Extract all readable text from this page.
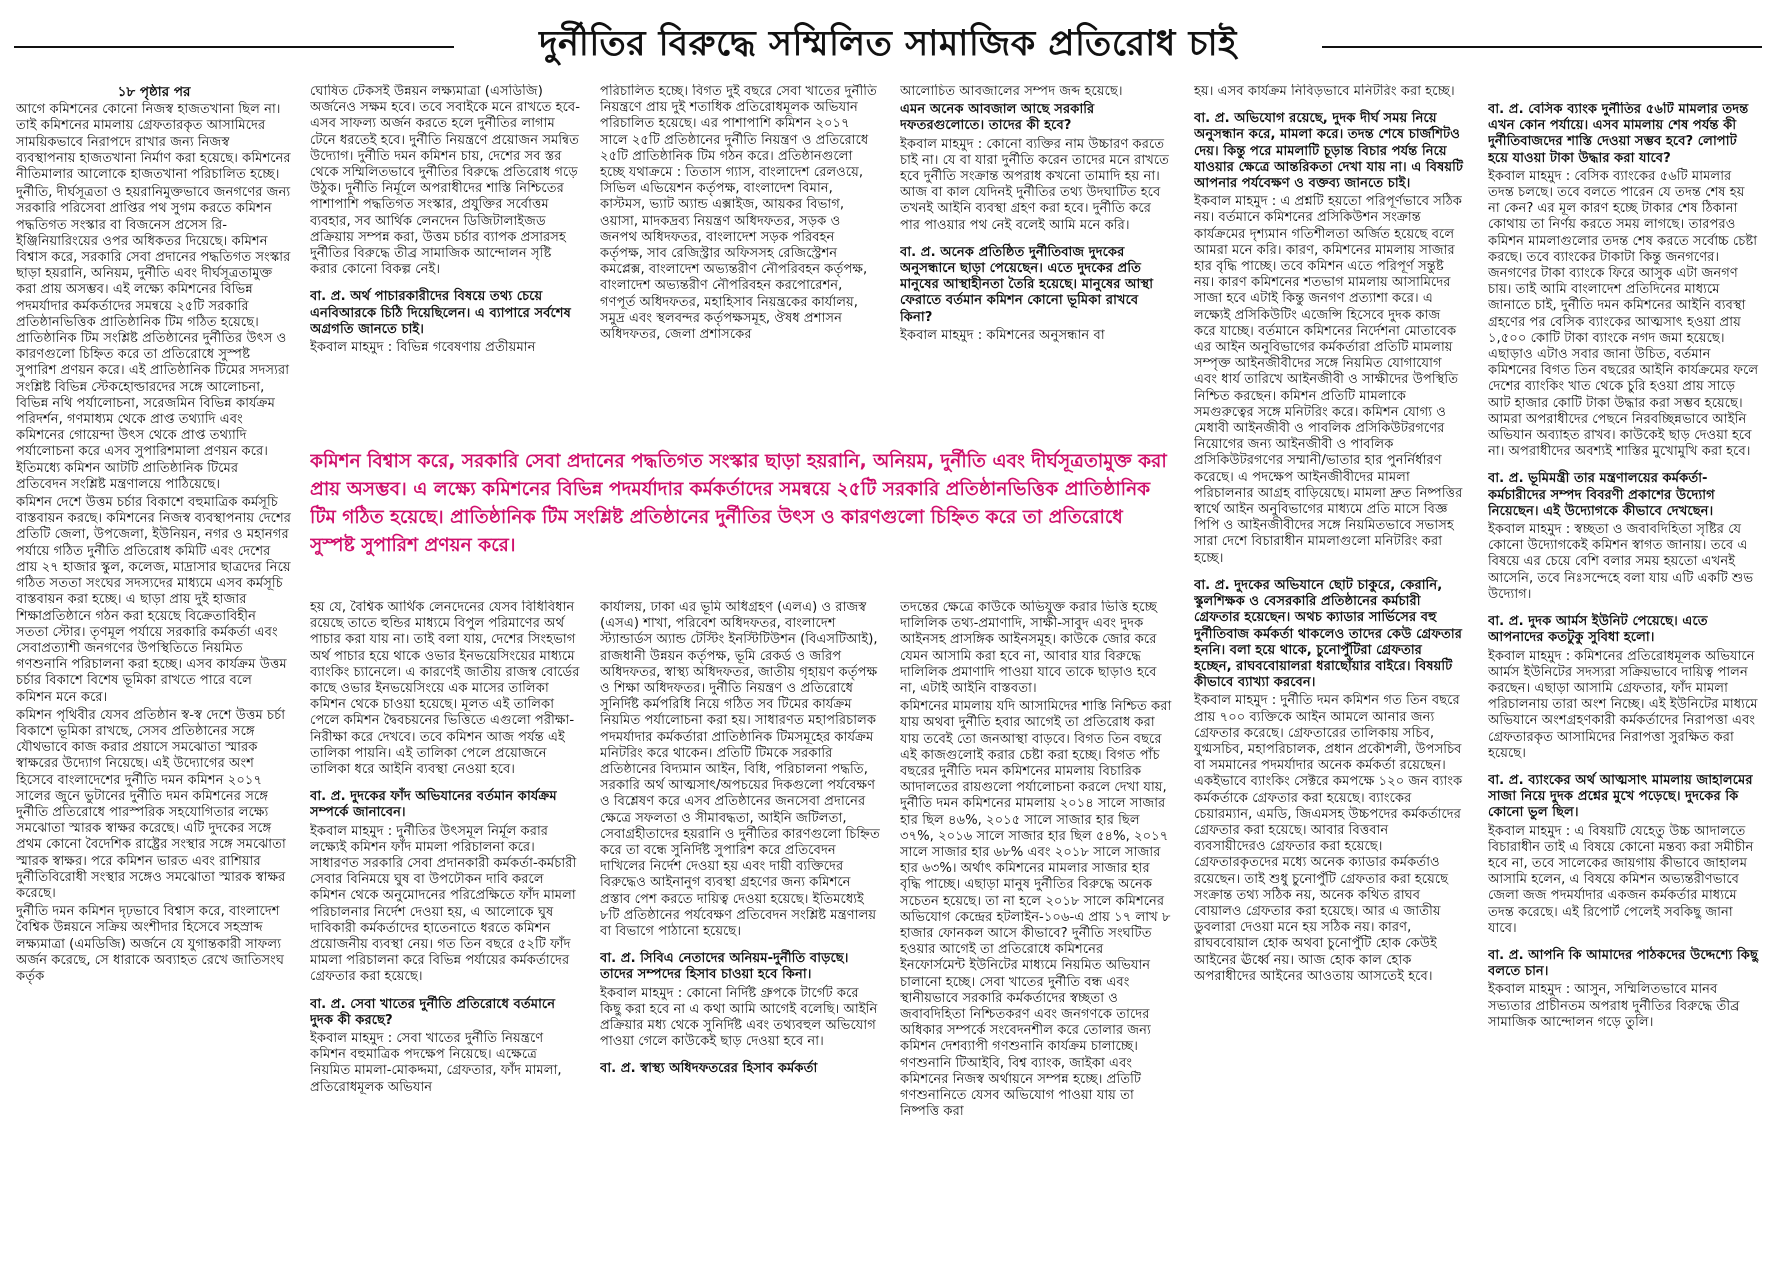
দুর্নীতির বিরুদ্ধে সম্মিলিত সামাজিক প্রতিরোধ চাই

১৮ পৃষ্ঠার পর

আগে কমিশনের কোনো নিজস্ব হাজতখানা ছিল না। তাই কমিশনের মামলায় গ্রেফতারকৃত আসামিদের সাময়িকভাবে নিরাপদে রাখার জন্য নিজস্ব ব্যবস্থাপনায় হাজতখানা নির্মাণ করা হয়েছে। কমিশনের নীতিমালার আলোকে হাজতখানা পরিচালিত হচ্ছে।

দুর্নীতি, দীর্ঘসূত্রতা ও হয়রানিমুক্তভাবে জনগণের জন্য সরকারি পরিসেবা প্রাপ্তির পথ সুগম করতে কমিশন পদ্ধতিগত সংস্কার বা বিজনেস প্রসেস রি-ইঞ্জিনিয়ারিংয়ের ওপর অধিকতর দিয়েছে। কমিশন বিশ্বাস করে, সরকারি সেবা প্রদানের পদ্ধতিগত সংস্কার ছাড়া হয়রানি, অনিয়ম, দুর্নীতি এবং দীর্ঘসূত্রতামুক্ত করা প্রায় অসম্ভব। এই লক্ষ্যে কমিশনের বিভিন্ন পদমর্যাদার কর্মকর্তাদের সমন্বয়ে ২৫টি সরকারি প্রতিষ্ঠানভিত্তিক প্রাতিষ্ঠানিক টিম গঠিত হয়েছে। প্রাতিষ্ঠানিক টিম সংশ্লিষ্ট প্রতিষ্ঠানের দুর্নীতির উৎস ও কারণগুলো চিহ্নিত করে তা প্রতিরোধে সুস্পষ্ট সুপারিশ প্রণয়ন করে। এই প্রাতিষ্ঠানিক টিমের সদস্যরা সংশ্লিষ্ট বিভিন্ন স্টেকহোল্ডারদের সঙ্গে আলোচনা, বিভিন্ন নথি পর্যালোচনা, সরেজমিন বিভিন্ন কার্যক্রম পরিদর্শন, গণমাধ্যম থেকে প্রাপ্ত তথ্যাদি এবং কমিশনের গোয়েন্দা উৎস থেকে প্রাপ্ত তথ্যাদি পর্যালোচনা করে এসব সুপারিশমালা প্রণয়ন করে। ইতিমধ্যে কমিশন আটটি প্রাতিষ্ঠানিক টিমের প্রতিবেদন সংশ্লিষ্ট মন্ত্রণালয়ে পাঠিয়েছে।

কমিশন দেশে উত্তম চর্চার বিকাশে বহুমাত্রিক কর্মসূচি বাস্তবায়ন করছে। কমিশনের নিজস্ব ব্যবস্থাপনায় দেশের প্রতিটি জেলা, উপজেলা, ইউনিয়ন, নগর ও মহানগর পর্যায়ে গঠিত দুর্নীতি প্রতিরোধ কমিটি এবং দেশের প্রায় ২৭ হাজার স্কুল, কলেজ, মাদ্রাসার ছাত্রদের নিয়ে গঠিত সততা সংঘের সদস্যদের মাধ্যমে এসব কর্মসূচি বাস্তবায়ন করা হচ্ছে। এ ছাড়া প্রায় দুই হাজার শিক্ষাপ্রতিষ্ঠানে গঠন করা হয়েছে বিক্রেতাবিহীন সততা স্টোর। তৃণমূল পর্যায়ে সরকারি কর্মকর্তা এবং সেবাপ্রত্যাশী জনগণের উপস্থিতিতে নিয়মিত গণশুনানি পরিচালনা করা হচ্ছে। এসব কার্যক্রম উত্তম চর্চার বিকাশে বিশেষ ভূমিকা রাখতে পারে বলে কমিশন মনে করে।

কমিশন পৃথিবীর যেসব প্রতিষ্ঠান স্ব-স্ব দেশে উত্তম চর্চা বিকাশে ভূমিকা রাখছে, সেসব প্রতিষ্ঠানের সঙ্গে যৌথভাবে কাজ করার প্রয়াসে সমঝোতা স্মারক স্বাক্ষরের উদ্যোগ নিয়েছে। এই উদ্যোগের অংশ হিসেবে বাংলাদেশের দুর্নীতি দমন কমিশন ২০১৭ সালের জুনে ভুটানের দুর্নীতি দমন কমিশনের সঙ্গে দুর্নীতি প্রতিরোধে পারস্পরিক সহযোগিতার লক্ষ্যে সমঝোতা স্মারক স্বাক্ষর করেছে। এটি দুদকের সঙ্গে প্রথম কোনো বৈদেশিক রাষ্ট্রের সংস্থার সঙ্গে সমঝোতা স্মারক স্বাক্ষর। পরে কমিশন ভারত এবং রাশিয়ার দুর্নীতিবিরোধী সংস্থার সঙ্গেও সমঝোতা স্মারক স্বাক্ষর করেছে।

দুর্নীতি দমন কমিশন দৃঢ়ভাবে বিশ্বাস করে, বাংলাদেশ বৈশ্বিক উন্নয়নে সক্রিয় অংশীদার হিসেবে সহস্রাব্দ লক্ষ্যমাত্রা (এমডিজি) অর্জনে যে যুগান্তকারী সাফল্য অর্জন করেছে, সে ধারাকে অব্যাহত রেখে জাতিসংঘ কর্তৃক

ঘোষিত টেকসই উন্নয়ন লক্ষ্যমাত্রা (এসডিজি) অর্জনেও সক্ষম হবে। তবে সবাইকে মনে রাখতে হবে-এসব সাফল্য অর্জন করতে হলে দুর্নীতির লাগাম টেনে ধরতেই হবে। দুর্নীতি নিয়ন্ত্রণে প্রয়োজন সমন্বিত উদ্যোগ। দুর্নীতি দমন কমিশন চায়, দেশের সব স্তর থেকে সম্মিলিতভাবে দুর্নীতির বিরুদ্ধে প্রতিরোধ গড়ে উঠুক। দুর্নীতি নির্মূলে অপরাধীদের শাস্তি নিশ্চিতের পাশাপাশি পদ্ধতিগত সংস্কার, প্রযুক্তির সর্বোত্তম ব্যবহার, সব আর্থিক লেনদেন ডিজিটালাইজড প্রক্রিয়ায় সম্পন্ন করা, উত্তম চর্চার ব্যাপক প্রসারসহ দুর্নীতির বিরুদ্ধে তীব্র সামাজিক আন্দোলন সৃষ্টি করার কোনো বিকল্প নেই।

বা. প্র. অর্থ পাচারকারীদের বিষয়ে তথ্য চেয়ে এনবিআরকে চিঠি দিয়েছিলেন। এ ব্যাপারে সর্বশেষ অগ্রগতি জানতে চাই।

ইকবাল মাহমুদ : বিভিন্ন গবেষণায় প্রতীয়মান

পরিচালিত হচ্ছে। বিগত দুই বছরে সেবা খাতের দুর্নীতি নিয়ন্ত্রণে প্রায় দুই শতাধিক প্রতিরোধমূলক অভিযান পরিচালিত হয়েছে। এর পাশাপাশি কমিশন ২০১৭ সালে ২৫টি প্রতিষ্ঠানের দুর্নীতি নিয়ন্ত্রণ ও প্রতিরোধে ২৫টি প্রাতিষ্ঠানিক টিম গঠন করে। প্রতিষ্ঠানগুলো হচ্ছে যথাক্রমে : তিতাস গ্যাস, বাংলাদেশ রেলওয়ে, সিভিল এভিয়েশন কর্তৃপক্ষ, বাংলাদেশ বিমান, কাস্টমস, ভ্যাট অ্যান্ড এক্সাইজ, আয়কর বিভাগ, ওয়াসা, মাদকদ্রব্য নিয়ন্ত্রণ অধিদফতর, সড়ক ও জনপথ অধিদফতর, বাংলাদেশ সড়ক পরিবহন কর্তৃপক্ষ, সাব রেজিস্ট্রার অফিসসহ রেজিস্ট্রেশন কমপ্লেক্স, বাংলাদেশ অভ্যন্তরীণ নৌপরিবহন কর্তৃপক্ষ, বাংলাদেশ অভ্যন্তরীণ নৌপরিবহন করপোরেশন, গণপূর্ত অধিদফতর, মহাহিসাব নিয়ন্ত্রকের কার্যালয়, সমুদ্র এবং স্থলবন্দর কর্তৃপক্ষসমূহ, ঔষধ প্রশাসন অধিদফতর, জেলা প্রশাসকের

আলোচিত আবজালের সম্পদ জব্দ হয়েছে।

এমন অনেক আবজাল আছে সরকারি দফতরগুলোতে। তাদের কী হবে?

ইকবাল মাহমুদ : কোনো ব্যক্তির নাম উচ্চারণ করতে চাই না। যে বা যারা দুর্নীতি করেন তাদের মনে রাখতে হবে দুর্নীতি সংক্রান্ত অপরাধ কখনো তামাদি হয় না। আজ বা কাল যেদিনই দুর্নীতির তথ্য উদঘাটিত হবে তখনই আইনি ব্যবস্থা গ্রহণ করা হবে। দুর্নীতি করে পার পাওয়ার পথ নেই বলেই আমি মনে করি।

বা. প্র. অনেক প্রতিষ্ঠিত দুর্নীতিবাজ দুদকের অনুসন্ধানে ছাড়া পেয়েছেন। এতে দুদকের প্রতি মানুষের আস্থাহীনতা তৈরি হয়েছে। মানুষের আস্থা ফেরাতে বর্তমান কমিশন কোনো ভূমিকা রাখবে কিনা?

ইকবাল মাহমুদ : কমিশনের অনুসন্ধান বা

হয়। এসব কার্যক্রম নিবিড়ভাবে মনিটরিং করা হচ্ছে।

বা. প্র. অভিযোগ রয়েছে, দুদক দীর্ঘ সময় নিয়ে অনুসন্ধান করে, মামলা করে। তদন্ত শেষে চার্জশিটও দেয়। কিন্তু পরে মামলাটি চূড়ান্ত বিচার পর্যন্ত নিয়ে যাওয়ার ক্ষেত্রে আন্তরিকতা দেখা যায় না। এ বিষয়টি আপনার পর্যবেক্ষণ ও বক্তব্য জানতে চাই।

ইকবাল মাহমুদ : এ প্রশ্নটি হয়তো পরিপূর্ণভাবে সঠিক নয়। বর্তমানে কমিশনের প্রসিকিউশন সংক্রান্ত কার্যক্রমের দৃশ্যমান গতিশীলতা অর্জিত হয়েছে বলে আমরা মনে করি। কারণ, কমিশনের মামলায় সাজার হার বৃদ্ধি পাচ্ছে। তবে কমিশন এতে পরিপূর্ণ সন্তুষ্ট নয়। কারণ কমিশনের শতভাগ মামলায় আসামিদের সাজা হবে এটাই কিন্তু জনগণ প্রত্যাশা করে। এ লক্ষ্যেই প্রসিকিউটিং এজেন্সি হিসেবে দুদক কাজ করে যাচ্ছে। বর্তমানে কমিশনের নির্দেশনা মোতাবেক এর আইন অনুবিভাগের কর্মকর্তারা প্রতিটি মামলায় সম্পৃক্ত আইনজীবীদের সঙ্গে নিয়মিত যোগাযোগ এবং ধার্য তারিখে আইনজীবী ও সাক্ষীদের উপস্থিতি নিশ্চিত করছেন। কমিশন প্রতিটি মামলাকে সমগুরুত্বের সঙ্গে মনিটরিং করে। কমিশন যোগ্য ও মেধাবী আইনজীবী ও পাবলিক প্রসিকিউটরগণের নিয়োগের জন্য আইনজীবী ও পাবলিক প্রসিকিউটরগণের সম্মানী/ভাতার হার পুনর্নির্ধারণ করেছে। এ পদক্ষেপ আইনজীবীদের মামলা পরিচালনার আগ্রহ বাড়িয়েছে। মামলা দ্রুত নিষ্পত্তির স্বার্থে আইন অনুবিভাগের মাধ্যমে প্রতি মাসে বিজ্ঞ পিপি ও আইনজীবীদের সঙ্গে নিয়মিতভাবে সভাসহ সারা দেশে বিচারাধীন মামলাগুলো মনিটরিং করা হচ্ছে।

বা. প্র. দুদকের অভিযানে ছোট চাকুরে, কেরানি, স্কুলশিক্ষক ও বেসরকারি প্রতিষ্ঠানের কর্মচারী গ্রেফতার হয়েছেন। অথচ ক্যাডার সার্ভিসের বহু দুর্নীতিবাজ কর্মকর্তা থাকলেও তাদের কেউ গ্রেফতার হননি। বলা হয়ে থাকে, চুনোপুঁটিরা গ্রেফতার হচ্ছেন, রাঘববোয়ালরা ধরাছোঁয়ার বাইরে। বিষয়টি কীভাবে ব্যাখ্যা করবেন।

ইকবাল মাহমুদ : দুর্নীতি দমন কমিশন গত তিন বছরে প্রায় ৭০০ ব্যক্তিকে আইন আমলে আনার জন্য গ্রেফতার করেছে। গ্রেফতারের তালিকায় সচিব, যুগ্মসচিব, মহাপরিচালক, প্রধান প্রকৌশলী, উপসচিব বা সমমানের পদমর্যাদার অনেক কর্মকর্তা রয়েছেন। একইভাবে ব্যাংকিং সেক্টরে কমপক্ষে ১২০ জন ব্যাংক কর্মকর্তাকে গ্রেফতার করা হয়েছে। ব্যাংকের চেয়ারম্যান, এমডি, জিএমসহ উচ্চপদের কর্মকর্তাদের গ্রেফতার করা হয়েছে। আবার বিত্তবান ব্যবসায়ীদেরও গ্রেফতার করা হয়েছে। গ্রেফতারকৃতদের মধ্যে অনেক ক্যাডার কর্মকর্তাও রয়েছেন। তাই শুধু চুনোপুঁটি গ্রেফতার করা হয়েছে সংক্রান্ত তথ্য সঠিক নয়, অনেক কথিত রাঘব বোয়ালও গ্রেফতার করা হয়েছে। আর এ জাতীয় ডুবলারা দেওয়া মনে হয় সঠিক নয়। কারণ, রাঘববোয়াল হোক অথবা চুনোপুঁটি হোক কেউই আইনের ঊর্ধ্বে নয়। আজ হোক কাল হোক অপরাধীদের আইনের আওতায় আসতেই হবে।

বা. প্র. বেসিক ব্যাংক দুর্নীতির ৫৬টি মামলার তদন্ত এখন কোন পর্যায়ে। এসব মামলায় শেষ পর্যন্ত কী দুর্নীতিবাজদের শাস্তি দেওয়া সম্ভব হবে? লোপাট হয়ে যাওয়া টাকা উদ্ধার করা যাবে?

ইকবাল মাহমুদ : বেসিক ব্যাংকের ৫৬টি মামলার তদন্ত চলছে। তবে বলতে পারেন যে তদন্ত শেষ হয় না কেন? এর মূল কারণ হচ্ছে টাকার শেষ ঠিকানা কোথায় তা নির্ণয় করতে সময় লাগছে। তারপরও কমিশন মামলাগুলোর তদন্ত শেষ করতে সর্বোচ্চ চেষ্টা করছে। তবে ব্যাংকের টাকাটা কিন্তু জনগণের। জনগণের টাকা ব্যাংকে ফিরে আসুক এটা জনগণ চায়। তাই আমি বাংলাদেশ প্রতিদিনের মাধ্যমে জানাতে চাই, দুর্নীতি দমন কমিশনের আইনি ব্যবস্থা গ্রহণের পর বেসিক ব্যাংকের আত্মসাৎ হওয়া প্রায় ১,৫০০ কোটি টাকা ব্যাংকে নগদ জমা হয়েছে। এছাড়াও এটাও সবার জানা উচিত, বর্তমান কমিশনের বিগত তিন বছরের আইনি কার্যক্রমের ফলে দেশের ব্যাংকিং খাত থেকে চুরি হওয়া প্রায় সাড়ে আট হাজার কোটি টাকা উদ্ধার করা সম্ভব হয়েছে। আমরা অপরাধীদের পেছনে নিরবচ্ছিন্নভাবে আইনি অভিযান অব্যাহত রাখব। কাউকেই ছাড় দেওয়া হবে না। অপরাধীদের অবশ্যই শাস্তির মুখোমুখি করা হবে।

বা. প্র. ভূমিমন্ত্রী তার মন্ত্রণালয়ের কর্মকর্তা-কর্মচারীদের সম্পদ বিবরণী প্রকাশের উদ্যোগ নিয়েছেন। এই উদ্যোগকে কীভাবে দেখছেন।

ইকবাল মাহমুদ : স্বচ্ছতা ও জবাবদিহিতা সৃষ্টির যে কোনো উদ্যোগকেই কমিশন স্বাগত জানায়। তবে এ বিষয়ে এর চেয়ে বেশি বলার সময় হয়তো এখনই আসেনি, তবে নিঃসন্দেহে বলা যায় এটি একটি শুভ উদ্যোগ।

বা. প্র. দুদক আর্মস ইউনিট পেয়েছে। এতে আপনাদের কতটুকু সুবিধা হলো।

ইকবাল মাহমুদ : কমিশনের প্রতিরোধমূলক অভিযানে আর্মস ইউনিটের সদস্যরা সক্রিয়ভাবে দায়িত্ব পালন করছেন। এছাড়া আসামি গ্রেফতার, ফাঁদ মামলা পরিচালনায় তারা অংশ নিচ্ছে। এই ইউনিটের মাধ্যমে অভিযানে অংশগ্রহণকারী কর্মকর্তাদের নিরাপত্তা এবং গ্রেফতারকৃত আসামিদের নিরাপত্তা সুরক্ষিত করা হয়েছে।

বা. প্র. ব্যাংকের অর্থ আত্মসাৎ মামলায় জাহালমের সাজা নিয়ে দুদক প্রশ্নের মুখে পড়েছে। দুদকের কি কোনো ভুল ছিল।

ইকবাল মাহমুদ : এ বিষয়টি যেহেতু উচ্চ আদালতে বিচারাধীন তাই এ বিষয়ে কোনো মন্তব্য করা সমীচীন হবে না, তবে সালেকের জায়গায় কীভাবে জাহালম আসামি হলেন, এ বিষয়ে কমিশন অভ্যন্তরীণভাবে জেলা জজ পদমর্যাদার একজন কর্মকর্তার মাধ্যমে তদন্ত করেছে। এই রিপোর্ট পেলেই সবকিছু জানা যাবে।

বা. প্র. আপনি কি আমাদের পাঠকদের উদ্দেশ্যে কিছু বলতে চান।

ইকবাল মাহমুদ : আসুন, সম্মিলিতভাবে মানব সভ্যতার প্রাচীনতম অপরাধ দুর্নীতির বিরুদ্ধে তীব্র সামাজিক আন্দোলন গড়ে তুলি।

কমিশন বিশ্বাস করে, সরকারি সেবা প্রদানের পদ্ধতিগত সংস্কার ছাড়া হয়রানি, অনিয়ম, দুর্নীতি এবং দীর্ঘসূত্রতামুক্ত করা প্রায় অসম্ভব। এ লক্ষ্যে কমিশনের বিভিন্ন পদমর্যাদার কর্মকর্তাদের সমন্বয়ে ২৫টি সরকারি প্রতিষ্ঠানভিত্তিক প্রাতিষ্ঠানিক টিম গঠিত হয়েছে। প্রাতিষ্ঠানিক টিম সংশ্লিষ্ট প্রতিষ্ঠানের দুর্নীতির উৎস ও কারণগুলো চিহ্নিত করে তা প্রতিরোধে সুস্পষ্ট সুপারিশ প্রণয়ন করে।

হয় যে, বৈশ্বিক আর্থিক লেনদেনের যেসব বিধিবিধান রয়েছে তাতে হুন্ডির মাধ্যমে বিপুল পরিমাণের অর্থ পাচার করা যায় না। তাই বলা যায়, দেশের সিংহভাগ অর্থ পাচার হয়ে থাকে ওভার ইনভয়েসিংয়ের মাধ্যমে ব্যাংকিং চ্যানেলে। এ কারণেই জাতীয় রাজস্ব বোর্ডের কাছে ওভার ইনভয়েসিংয়ে এক মাসের তালিকা কমিশন থেকে চাওয়া হয়েছে। মূলত এই তালিকা পেলে কমিশন দ্বৈবচয়নের ভিত্তিতে এগুলো পরীক্ষা-নিরীক্ষা করে দেখবে। তবে কমিশন আজ পর্যন্ত এই তালিকা পায়নি। এই তালিকা পেলে প্রয়োজনে তালিকা ধরে আইনি ব্যবস্থা নেওয়া হবে।

বা. প্র. দুদকের ফাঁদ অভিযানের বর্তমান কার্যক্রম সম্পর্কে জানাবেন।

ইকবাল মাহমুদ : দুর্নীতির উৎসমূল নির্মূল করার লক্ষ্যেই কমিশন ফাঁদ মামলা পরিচালনা করে। সাধারণত সরকারি সেবা প্রদানকারী কর্মকর্তা-কর্মচারী সেবার বিনিময়ে ঘুষ বা উপঢৌকন দাবি করলে কমিশন থেকে অনুমোদনের পরিপ্রেক্ষিতে ফাঁদ মামলা পরিচালনার নির্দেশ দেওয়া হয়, এ আলোকে ঘুষ দাবিকারী কর্মকর্তাদের হাতেনাতে ধরতে কমিশন প্রয়োজনীয় ব্যবস্থা নেয়। গত তিন বছরে ৫২টি ফাঁদ মামলা পরিচালনা করে বিভিন্ন পর্যায়ের কর্মকর্তাদের গ্রেফতার করা হয়েছে।

বা. প্র. সেবা খাতের দুর্নীতি প্রতিরোধে বর্তমানে দুদক কী করছে?

ইকবাল মাহমুদ : সেবা খাতের দুর্নীতি নিয়ন্ত্রণে কমিশন বহুমাত্রিক পদক্ষেপ নিয়েছে। এক্ষেত্রে নিয়মিত মামলা-মোকদ্দমা, গ্রেফতার, ফাঁদ মামলা, প্রতিরোধমূলক অভিযান

কার্যালয়, ঢাকা এর ভূমি অধিগ্রহণ (এলএ) ও রাজস্ব (এসএ) শাখা, পরিবেশ অধিদফতর, বাংলাদেশ স্ট্যান্ডার্ডস অ্যান্ড টেস্টিং ইনস্টিটিউশন (বিএসটিআই), রাজধানী উন্নয়ন কর্তৃপক্ষ, ভূমি রেকর্ড ও জরিপ অধিদফতর, স্বাস্থ্য অধিদফতর, জাতীয় গৃহায়ণ কর্তৃপক্ষ ও শিক্ষা অধিদফতর। দুর্নীতি নিয়ন্ত্রণ ও প্রতিরোধে সুনির্দিষ্ট কর্মপরিধি নিয়ে গঠিত সব টিমের কার্যক্রম নিয়মিত পর্যালোচনা করা হয়। সাধারণত মহাপরিচালক পদমর্যাদার কর্মকর্তারা প্রাতিষ্ঠানিক টিমসমূহের কার্যক্রম মনিটরিং করে থাকেন। প্রতিটি টিমকে সরকারি প্রতিষ্ঠানের বিদ্যমান আইন, বিধি, পরিচালনা পদ্ধতি, সরকারি অর্থ আত্মসাৎ/অপচয়ের দিকগুলো পর্যবেক্ষণ ও বিশ্লেষণ করে এসব প্রতিষ্ঠানের জনসেবা প্রদানের ক্ষেত্রে সফলতা ও সীমাবদ্ধতা, আইনি জটিলতা, সেবাগ্রহীতাদের হয়রানি ও দুর্নীতির কারণগুলো চিহ্নিত করে তা বন্ধে সুনির্দিষ্ট সুপারিশ করে প্রতিবেদন দাখিলের নির্দেশ দেওয়া হয় এবং দায়ী ব্যক্তিদের বিরুদ্ধেও আইনানুগ ব্যবস্থা গ্রহণের জন্য কমিশনে প্রস্তাব পেশ করতে দায়িত্ব দেওয়া হয়েছে। ইতিমধ্যেই ৮টি প্রতিষ্ঠানের পর্যবেক্ষণ প্রতিবেদন সংশ্লিষ্ট মন্ত্রণালয় বা বিভাগে পাঠানো হয়েছে।

বা. প্র. সিবিএ নেতাদের অনিয়ম-দুর্নীতি বাড়ছে। তাদের সম্পদের হিসাব চাওয়া হবে কিনা।

ইকবাল মাহমুদ : কোনো নির্দিষ্ট গ্রুপকে টার্গেট করে কিছু করা হবে না এ কথা আমি আগেই বলেছি। আইনি প্রক্রিয়ার মধ্য থেকে সুনির্দিষ্ট এবং তথ্যবহুল অভিযোগ পাওয়া গেলে কাউকেই ছাড় দেওয়া হবে না।

বা. প্র. স্বাস্থ্য অধিদফতরের হিসাব কর্মকর্তা

তদন্তের ক্ষেত্রে কাউকে অভিযুক্ত করার ভিত্তি হচ্ছে দালিলিক তথ্য-প্রমাণাদি, সাক্ষী-সাবুদ এবং দুদক আইনসহ প্রাসঙ্গিক আইনসমূহ। কাউকে জোর করে যেমন আসামি করা হবে না, আবার যার বিরুদ্ধে দালিলিক প্রমাণাদি পাওয়া যাবে তাকে ছাড়াও হবে না, এটাই আইনি বাস্তবতা।

কমিশনের মামলায় যদি আসামিদের শাস্তি নিশ্চিত করা যায় অথবা দুর্নীতি হবার আগেই তা প্রতিরোধ করা যায় তবেই তো জনআস্থা বাড়বে। বিগত তিন বছরে এই কাজগুলোই করার চেষ্টা করা হচ্ছে। বিগত পাঁচ বছরের দুর্নীতি দমন কমিশনের মামলায় বিচারিক আদালতের রায়গুলো পর্যালোচনা করলে দেখা যায়, দুর্নীতি দমন কমিশনের মামলায় ২০১৪ সালে সাজার হার ছিল ৪৬%, ২০১৫ সালে সাজার হার ছিল ৩৭%, ২০১৬ সালে সাজার হার ছিল ৫৪%, ২০১৭ সালে সাজার হার ৬৮% এবং ২০১৮ সালে সাজার হার ৬৩%। অর্থাৎ কমিশনের মামলার সাজার হার বৃদ্ধি পাচ্ছে। এছাড়া মানুষ দুর্নীতির বিরুদ্ধে অনেক সচেতন হয়েছে। তা না হলে ২০১৮ সালে কমিশনের অভিযোগ কেন্দ্রের হটলাইন-১০৬-এ প্রায় ১৭ লাখ ৮ হাজার ফোনকল আসে কীভাবে? দুর্নীতি সংঘটিত হওয়ার আগেই তা প্রতিরোধে কমিশনের ইনফোর্সমেন্ট ইউনিটের মাধ্যমে নিয়মিত অভিযান চালানো হচ্ছে। সেবা খাতের দুর্নীতি বন্ধ এবং স্থানীয়ভাবে সরকারি কর্মকর্তাদের স্বচ্ছতা ও জবাবদিহিতা নিশ্চিতকরণ এবং জনগণকে তাদের অধিকার সম্পর্কে সংবেদনশীল করে তোলার জন্য কমিশন দেশব্যাপী গণশুনানি কার্যক্রম চালাচ্ছে। গণশুনানি টিআইবি, বিশ্ব ব্যাংক, জাইকা এবং কমিশনের নিজস্ব অর্থায়নে সম্পন্ন হচ্ছে। প্রতিটি গণশুনানিতে যেসব অভিযোগ পাওয়া যায় তা নিষ্পত্তি করা
